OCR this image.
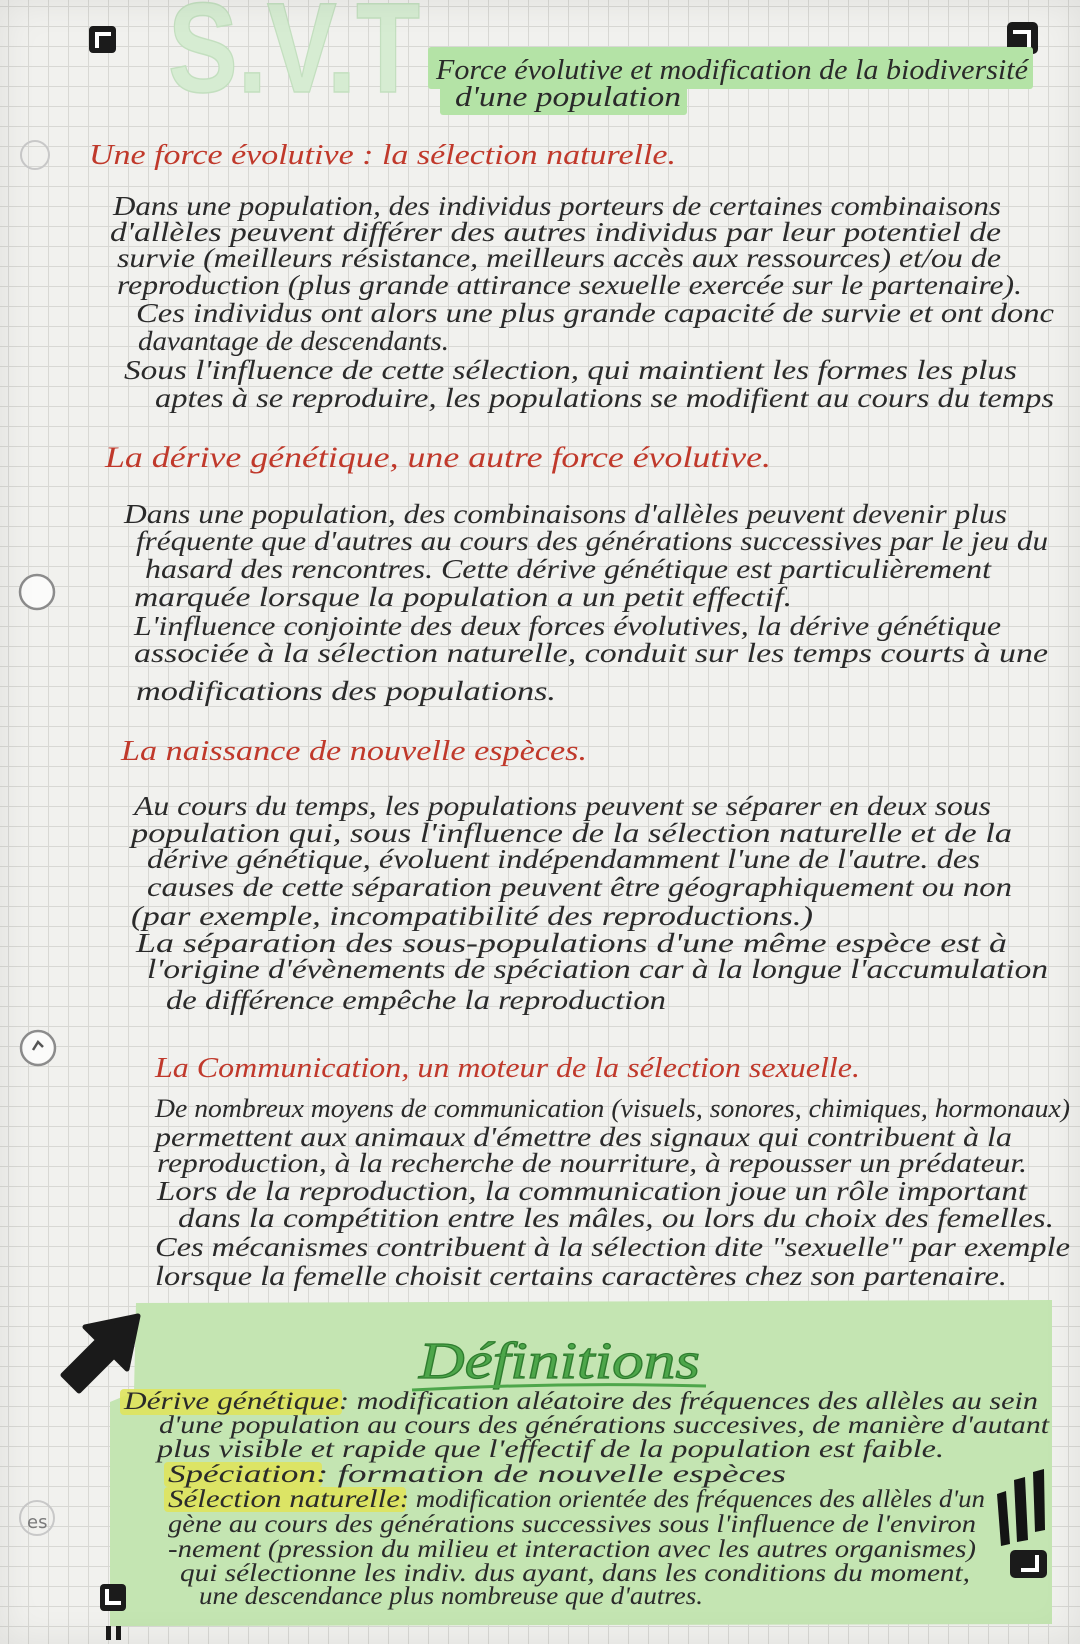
S.V.T
es
Force évolutive et modification de la biodiversité
d'une population
Une force évolutive : la sélection naturelle.
Dans une population, des individus porteurs de certaines combinaisons
d'allèles peuvent différer des autres individus par leur potentiel de
survie (meilleurs résistance, meilleurs accès aux ressources) et/ou de
reproduction (plus grande attirance sexuelle exercée sur le partenaire).
Ces individus ont alors une plus grande capacité de survie et ont donc
davantage de descendants.
Sous l'influence de cette sélection, qui maintient les formes les plus
aptes à se reproduire, les populations se modifient au cours du temps
La dérive génétique, une autre force évolutive.
Dans une population, des combinaisons d'allèles peuvent devenir plus
fréquente que d'autres au cours des générations successives par le jeu du
hasard des rencontres. Cette dérive génétique est particulièrement
marquée lorsque la population a un petit effectif.
L'influence conjointe des deux forces évolutives, la dérive génétique
associée à la sélection naturelle, conduit sur les temps courts à une
modifications des populations.
La naissance de nouvelle espèces.
Au cours du temps, les populations peuvent se séparer en deux sous
population qui, sous l'influence de la sélection naturelle et de la
dérive génétique, évoluent indépendamment l'une de l'autre. des
causes de cette séparation peuvent être géographiquement ou non
(par exemple, incompatibilité des reproductions.)
La séparation des sous-populations d'une même espèce est à
l'origine d'évènements de spéciation car à la longue l'accumulation
de différence empêche la reproduction
La Communication, un moteur de la sélection sexuelle.
De nombreux moyens de communication (visuels, sonores, chimiques, hormonaux)
permettent aux animaux d'émettre des signaux qui contribuent à la
reproduction, à la recherche de nourriture, à repousser un prédateur.
Lors de la reproduction, la communication joue un rôle important
dans la compétition entre les mâles, ou lors du choix des femelles.
Ces mécanismes contribuent à la sélection dite "sexuelle" par exemple
lorsque la femelle choisit certains caractères chez son partenaire.
Définitions
Dérive génétique : modification aléatoire des fréquences des allèles au sein
d'une population au cours des générations succesives, de manière d'autant
plus visible et rapide que l'effectif de la population est faible.
Spéciation : formation de nouvelle espèces
Sélection naturelle : modification orientée des fréquences des allèles d'un
gène au cours des générations successives sous l'influence de l'environ
-nement (pression du milieu et interaction avec les autres organismes)
qui sélectionne les indiv. dus ayant, dans les conditions du moment,
une descendance plus nombreuse que d'autres.
